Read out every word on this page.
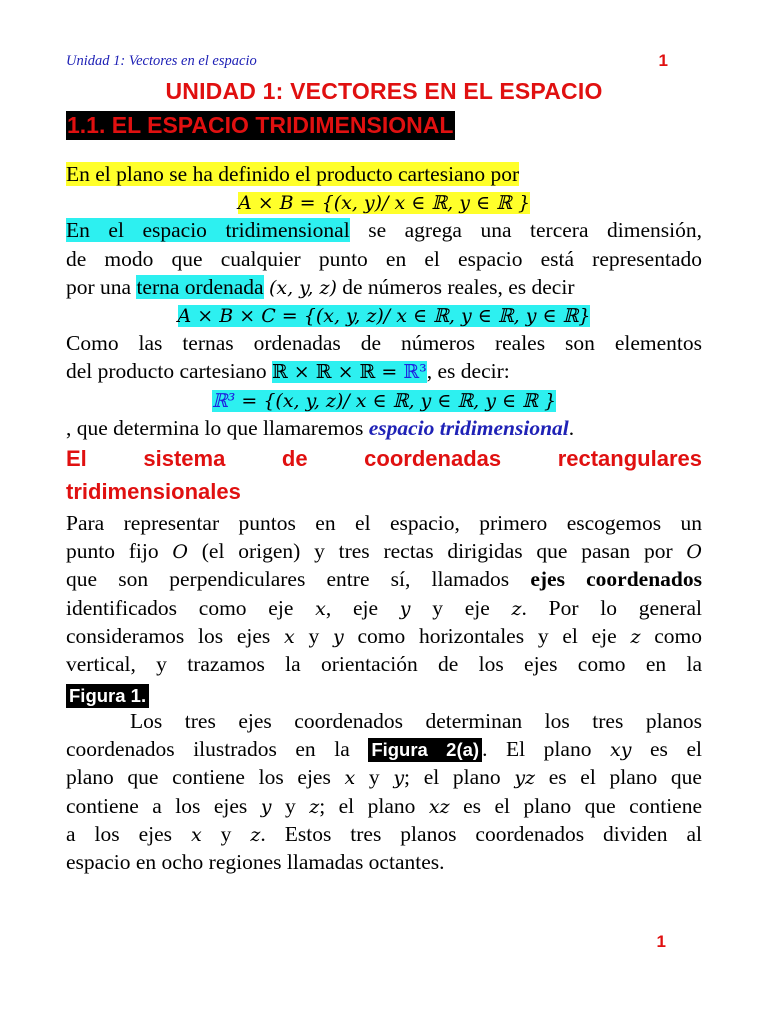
Unidad 1: Vectores en el espacio	1
UNIDAD 1: VECTORES EN EL ESPACIO
1.1. EL ESPACIO TRIDIMENSIONAL
En el plano se ha definido el producto cartesiano por
A × B = {(x, y)/ x ∈ ℝ, y ∈ ℝ }
En el espacio tridimensional se agrega una tercera dimensión,
de modo que cualquier punto en el espacio está representado
por una terna ordenada (x, y, z) de números reales, es decir
A × B × C = {(x, y, z)/ x ∈ ℝ, y ∈ ℝ, y ∈ ℝ}
Como las ternas ordenadas de números reales son elementos
del producto cartesiano ℝ × ℝ × ℝ = ℝ³, es decir:
ℝ³ = {(x, y, z)/ x ∈ ℝ, y ∈ ℝ, y ∈ ℝ }
, que determina lo que llamaremos espacio tridimensional.
El sistema de coordenadas rectangulares
tridimensionales
Para representar puntos en el espacio, primero escogemos un
punto fijo O (el origen) y tres rectas dirigidas que pasan por O
que son perpendiculares entre sí, llamados ejes coordenados
identificados como eje x, eje y y eje z. Por lo general
consideramos los ejes x y y como horizontales y el eje z como
vertical, y trazamos la orientación de los ejes como en la
Figura 1.
Los tres ejes coordenados determinan los tres planos
coordenados ilustrados en la Figura 2(a) . El plano xy es el
plano que contiene los ejes x y y; el plano yz es el plano que
contiene a los ejes y y z; el plano xz es el plano que contiene
a los ejes x y z. Estos tres planos coordenados dividen al
espacio en ocho regiones llamadas octantes.
1
